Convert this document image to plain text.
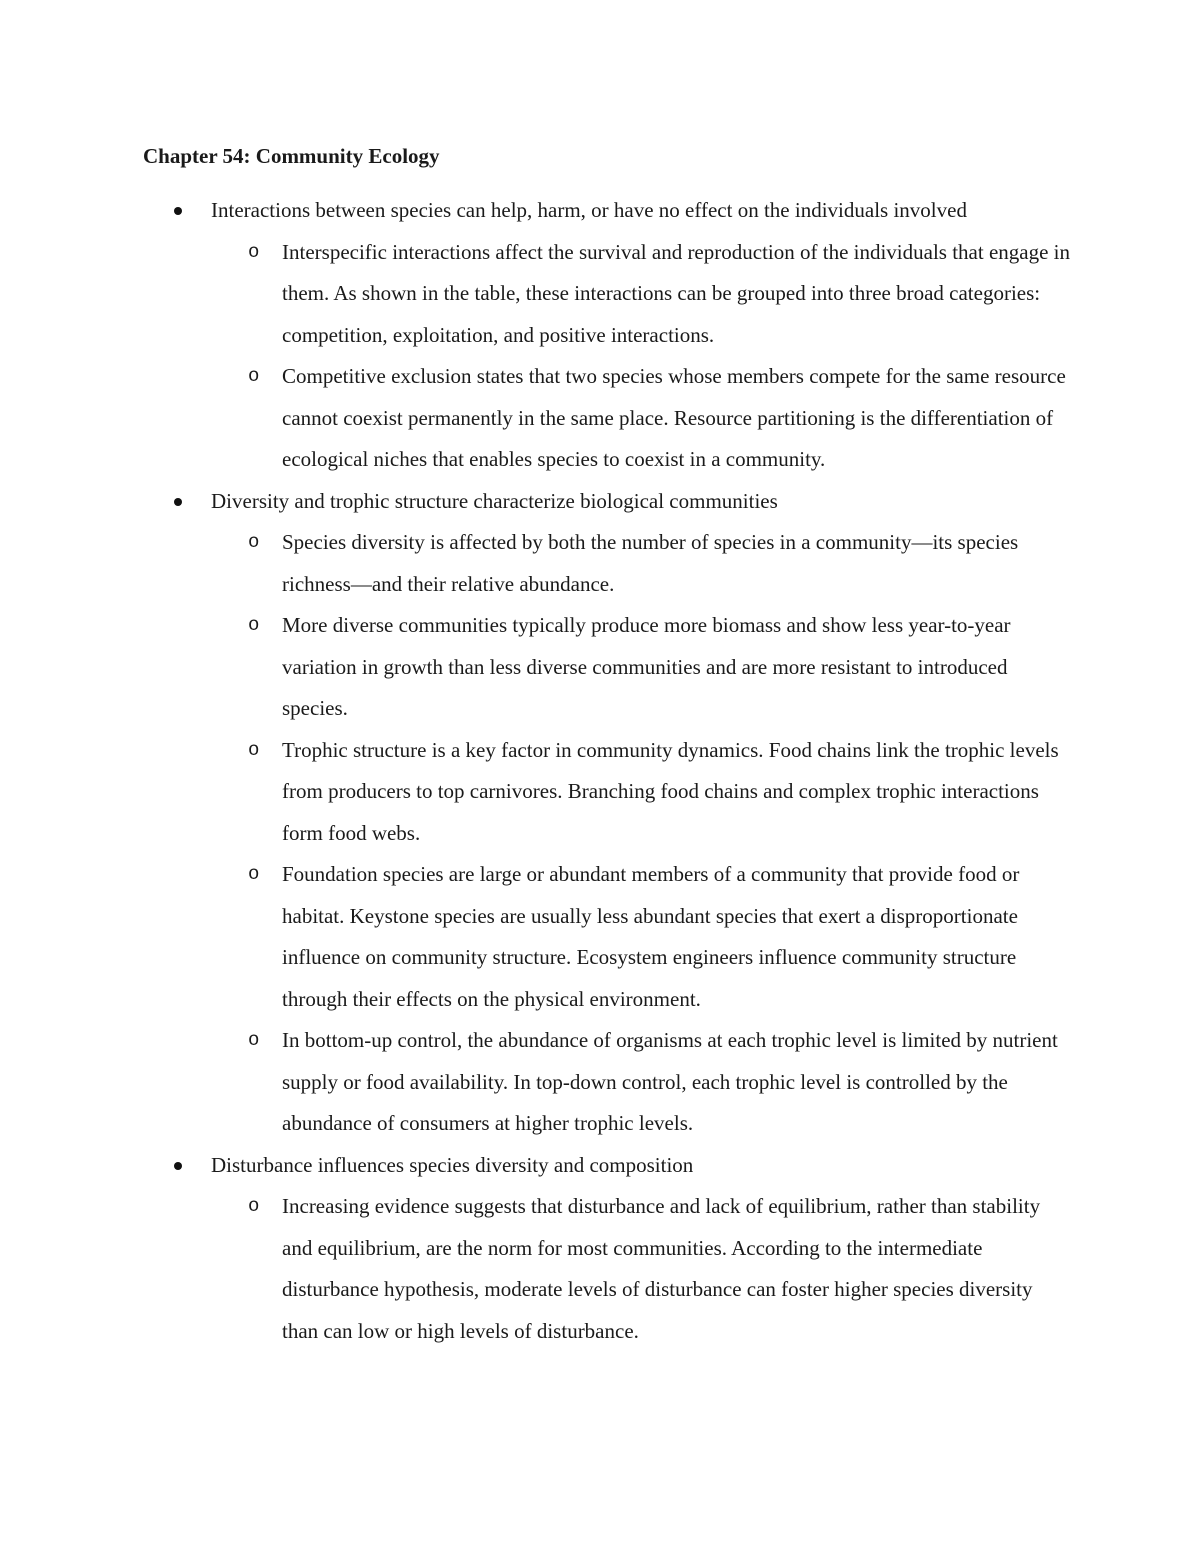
Chapter 54: Community Ecology
Interactions between species can help, harm, or have no effect on the individuals involved
o Interspecific interactions affect the survival and reproduction of the individuals that engage in them. As shown in the table, these interactions can be grouped into three broad categories: competition, exploitation, and positive interactions.
o Competitive exclusion states that two species whose members compete for the same resource cannot coexist permanently in the same place. Resource partitioning is the differentiation of ecological niches that enables species to coexist in a community.
Diversity and trophic structure characterize biological communities
o Species diversity is affected by both the number of species in a community—its species richness—and their relative abundance.
o More diverse communities typically produce more biomass and show less year-to-year variation in growth than less diverse communities and are more resistant to introduced species.
o Trophic structure is a key factor in community dynamics. Food chains link the trophic levels from producers to top carnivores. Branching food chains and complex trophic interactions form food webs.
o Foundation species are large or abundant members of a community that provide food or habitat. Keystone species are usually less abundant species that exert a disproportionate influence on community structure. Ecosystem engineers influence community structure through their effects on the physical environment.
o In bottom-up control, the abundance of organisms at each trophic level is limited by nutrient supply or food availability. In top-down control, each trophic level is controlled by the abundance of consumers at higher trophic levels.
Disturbance influences species diversity and composition
o Increasing evidence suggests that disturbance and lack of equilibrium, rather than stability and equilibrium, are the norm for most communities. According to the intermediate disturbance hypothesis, moderate levels of disturbance can foster higher species diversity than can low or high levels of disturbance.
